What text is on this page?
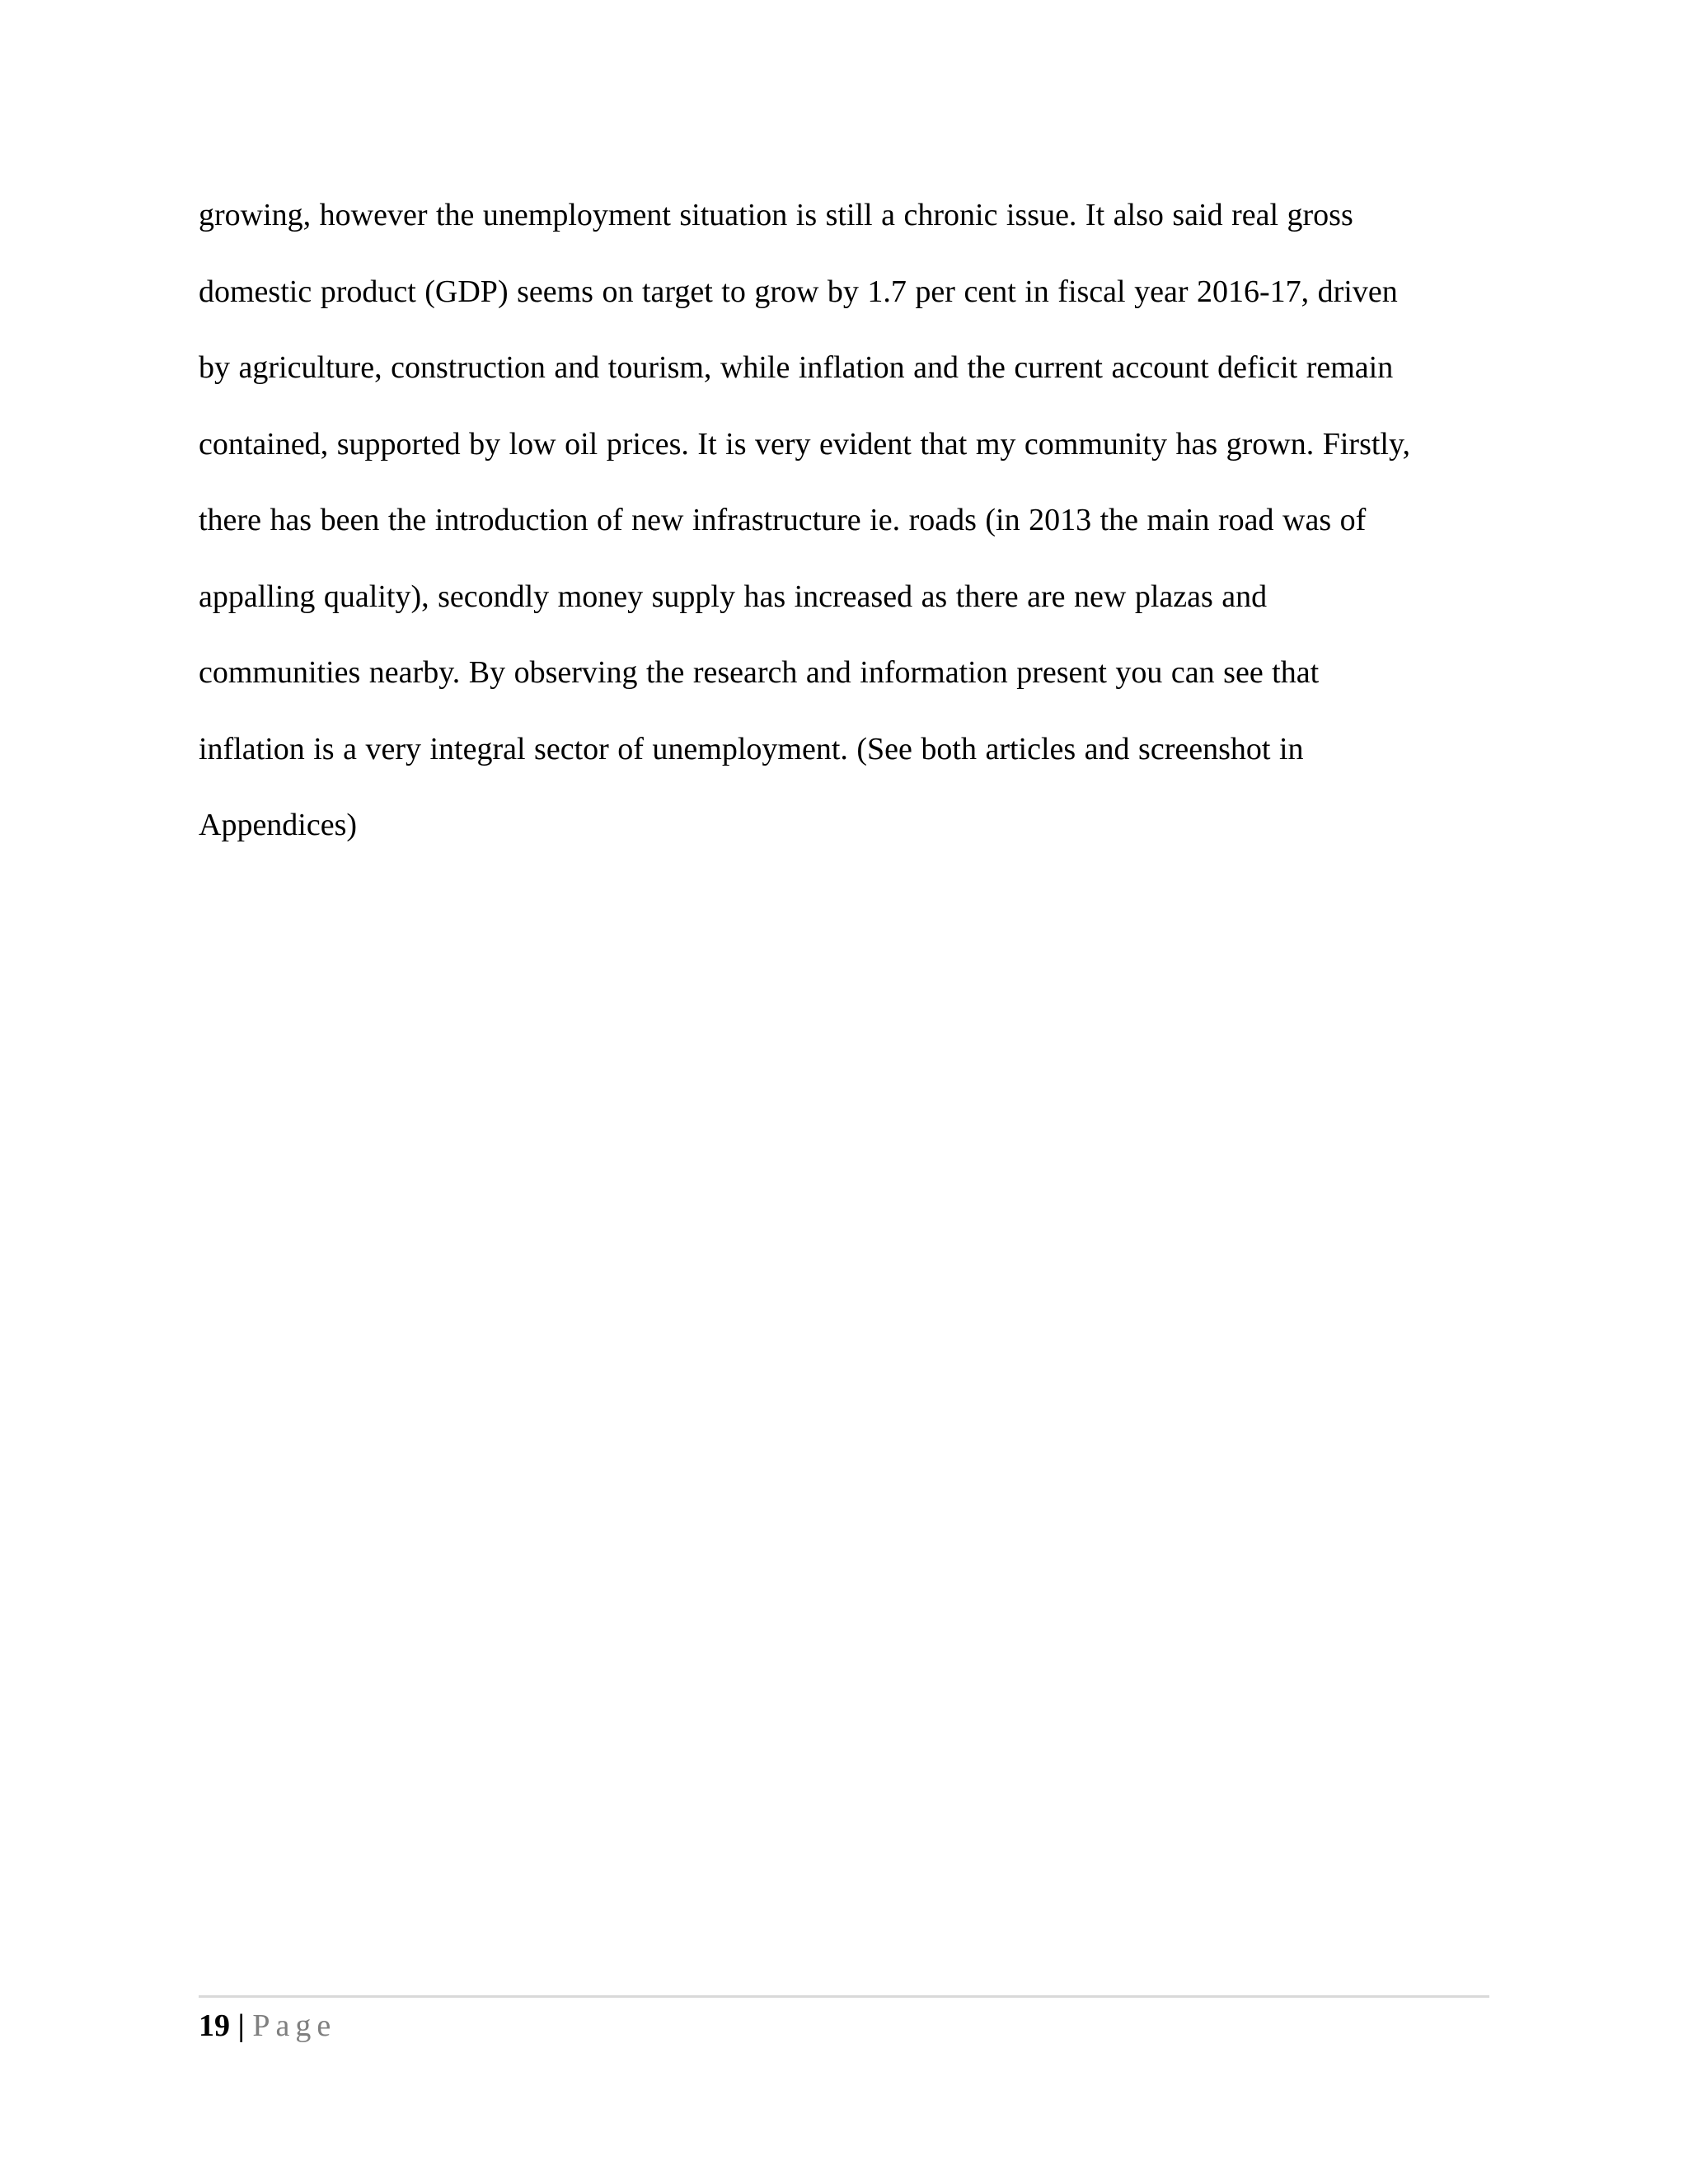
growing, however the unemployment situation is still a chronic issue. It also said real gross
domestic product (GDP) seems on target to grow by 1.7 per cent in fiscal year 2016-17, driven
by agriculture, construction and tourism, while inflation and the current account deficit remain
contained, supported by low oil prices. It is very evident that my community has grown. Firstly,
there has been the introduction of new infrastructure ie. roads (in 2013 the main road was of
appalling quality), secondly money supply has increased as there are new plazas and
communities nearby. By observing the research and information present you can see that
inflation is a very integral sector of unemployment. (See both articles and screenshot in
Appendices)
19 | Page
